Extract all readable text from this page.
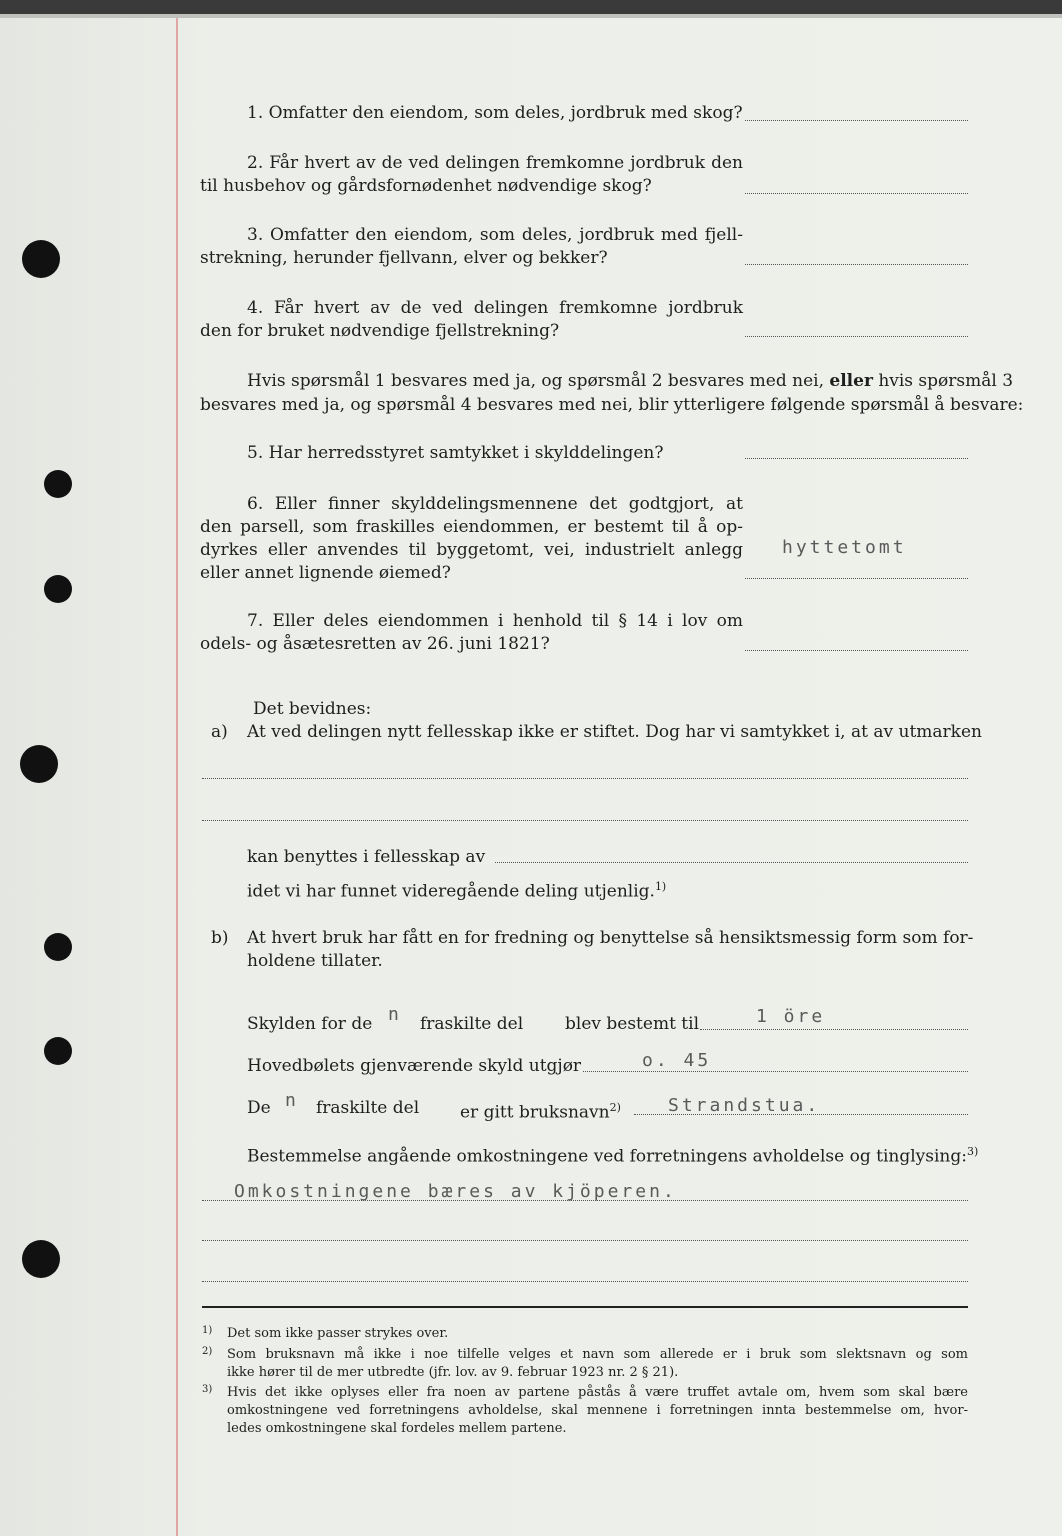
1. Omfatter den eiendom, som deles, jordbruk med skog?
2. Får hvert av de ved delingen fremkomne jordbruk den
til husbehov og gårdsfornødenhet nødvendige skog?
3. Omfatter den eiendom, som deles, jordbruk med fjell-
strekning, herunder fjellvann, elver og bekker?
4. Får hvert av de ved delingen fremkomne jordbruk
den for bruket nødvendige fjellstrekning?
Hvis spørsmål 1 besvares med ja, og spørsmål 2 besvares med nei, eller hvis spørsmål 3
besvares med ja, og spørsmål 4 besvares med nei, blir ytterligere følgende spørsmål å besvare:
5. Har herredsstyret samtykket i skylddelingen?
6. Eller finner skylddelingsmennene det godtgjort, at
den parsell, som fraskilles eiendommen, er bestemt til å op-
dyrkes eller anvendes til byggetomt, vei, industrielt anlegg
eller annet lignende øiemed?
hyttetomt
7. Eller deles eiendommen i henhold til § 14 i lov om
odels- og åsætesretten av 26. juni 1821?
Det bevidnes:
a) At ved delingen nytt fellesskap ikke er stiftet. Dog har vi samtykket i, at av utmarken
kan benyttes i fellesskap av
idet vi har funnet videregående deling utjenlig.$^{1)}$
b) At hvert bruk har fått en for fredning og benyttelse så hensiktsmessig form som for-
holdene tillater.
Skylden for de n fraskilte del blev bestemt til	1 öre
Hovedbølets gjenværende skyld utgjør	o. 45
De n fraskilte del er gitt bruksnavn$^{2)}$	Strandstua.
Bestemmelse angående omkostningene ved forretningens avholdelse og tinglysing:$^{3)}$
Omkostningene bæres av kjöperen.
1) Det som ikke passer strykes over.
2) Som bruksnavn må ikke i noe tilfelle velges et navn som allerede er i bruk som slektsnavn og som
ikke hører til de mer utbredte (jfr. lov. av 9. februar 1923 nr. 2 § 21).
3) Hvis det ikke oplyses eller fra noen av partene påstås å være truffet avtale om, hvem som skal bære
omkostningene ved forretningens avholdelse, skal mennene i forretningen innta bestemmelse om, hvor-
ledes omkostningene skal fordeles mellem partene.
